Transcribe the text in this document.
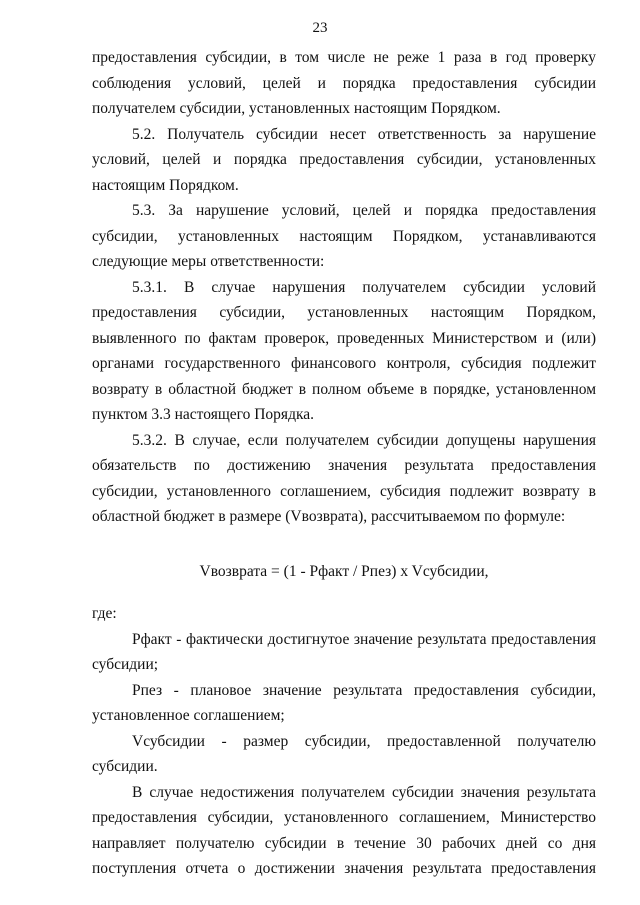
23

предоставления субсидии, в том числе не реже 1 раза в год проверку соблюдения условий, целей и порядка предоставления субсидии получателем субсидии, установленных настоящим Порядком.

5.2. Получатель субсидии несет ответственность за нарушение условий, целей и порядка предоставления субсидии, установленных настоящим Порядком.

5.3. За нарушение условий, целей и порядка предоставления субсидии, установленных настоящим Порядком, устанавливаются следующие меры ответственности:

5.3.1. В случае нарушения получателем субсидии условий предоставления субсидии, установленных настоящим Порядком, выявленного по фактам проверок, проведенных Министерством и (или) органами государственного финансового контроля, субсидия подлежит возврату в областной бюджет в полном объеме в порядке, установленном пунктом 3.3 настоящего Порядка.

5.3.2. В случае, если получателем субсидии допущены нарушения обязательств по достижению значения результата предоставления субсидии, установленного соглашением, субсидия подлежит возврату в областной бюджет в размере (Vвозврата), рассчитываемом по формуле:

Vвозврата = (1 - Рфакт / Рпез) x Vсубсидии,

где:

Рфакт - фактически достигнутое значение результата предоставления субсидии;

Рпез - плановое значение результата предоставления субсидии, установленное соглашением;

Vсубсидии - размер субсидии, предоставленной получателю субсидии.

В случае недостижения получателем субсидии значения результата предоставления субсидии, установленного соглашением, Министерство направляет получателю субсидии в течение 30 рабочих дней со дня поступления отчета о достижении значения результата предоставления
